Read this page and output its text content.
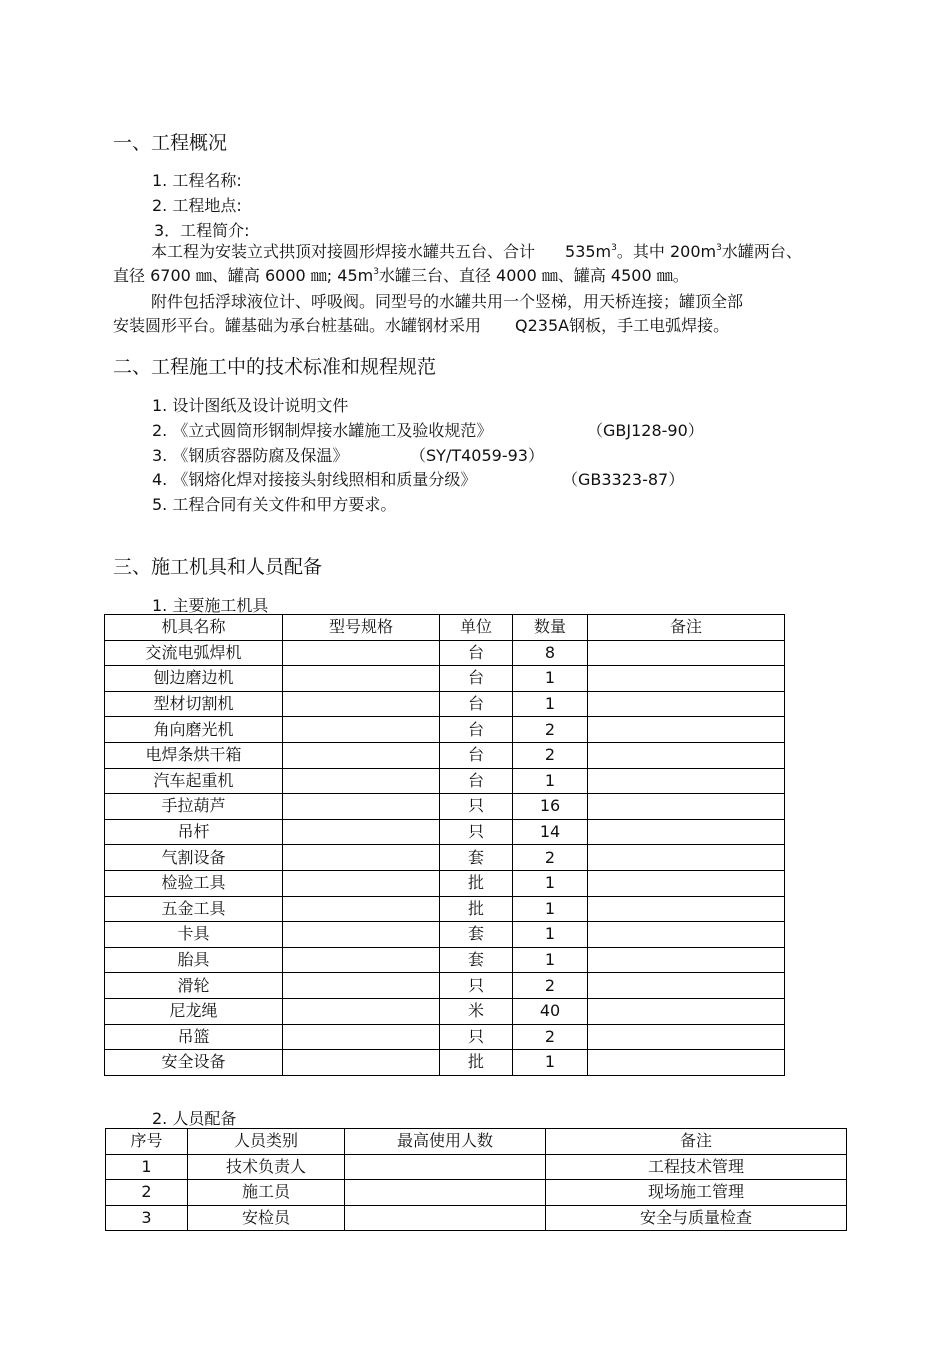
一、工程概况
1. 工程名称:
2. 工程地点:
3．工程简介:
本工程为安装立式拱顶对接圆形焊接水罐共五台、合计 $535m^3$。其中 $200m^3$水罐两台、
直径 6700 ㎜、罐高 6000 ㎜; $45m^3$水罐三台、直径 4000 ㎜、罐高 4500 ㎜。
附件包括浮球液位计、呼吸阀。同型号的水罐共用一个竖梯，用天桥连接；罐顶全部
安装圆形平台。罐基础为承台桩基础。水罐钢材采用 Q235A钢板，手工电弧焊接。
二、工程施工中的技术标准和规程规范
1. 设计图纸及设计说明文件
2. 《立式圆筒形钢制焊接水罐施工及验收规范》	（GBJ128-90）
3. 《钢质容器防腐及保温》	（SY/T4059-93）
4. 《钢熔化焊对接接头射线照相和质量分级》	（GB3323-87）
5. 工程合同有关文件和甲方要求。
三、施工机具和人员配备
1. 主要施工机具
机具名称	型号规格	单位	数量	备注
交流电弧焊机		台	8	
刨边磨边机		台	1	
型材切割机		台	1	
角向磨光机		台	2	
电焊条烘干箱		台	2	
汽车起重机		台	1	
手拉葫芦		只	16	
吊杆		只	14	
气割设备		套	2	
检验工具		批	1	
五金工具		批	1	
卡具		套	1	
胎具		套	1	
滑轮		只	2	
尼龙绳		米	40	
吊篮		只	2	
安全设备		批	1	
2. 人员配备
序号	人员类别	最高使用人数	备注
1	技术负责人		工程技术管理
2	施工员		现场施工管理
3	安检员		安全与质量检查
